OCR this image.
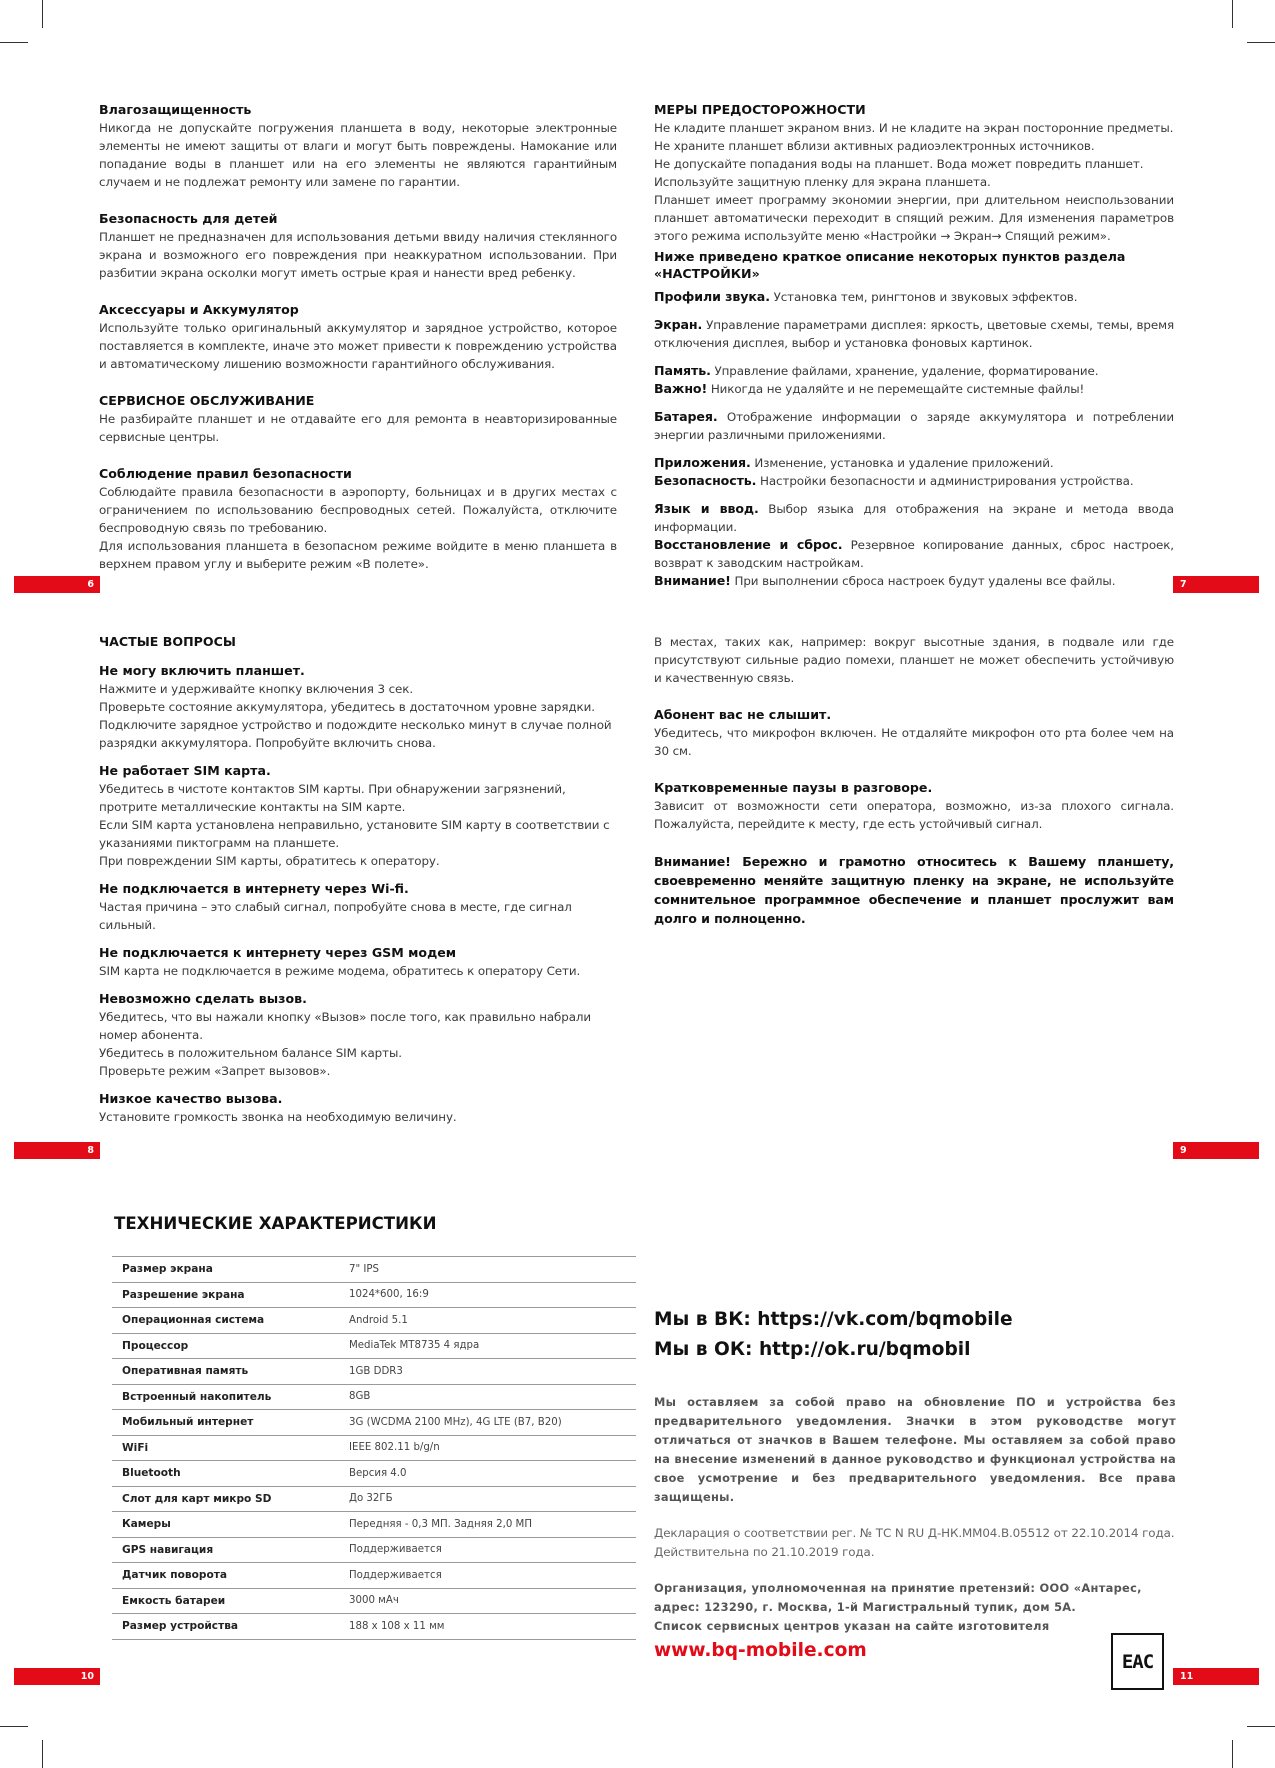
Влагозащищенность

Никогда не допускайте погружения планшета в воду, некоторые электронные элементы не имеют защиты от влаги и могут быть повреждены. Намокание или попадание воды в планшет или на его элементы не являются гарантийным случаем и не подлежат ремонту или замене по гарантии.

Безопасность для детей

Планшет не предназначен для использования детьми ввиду наличия стеклянного экрана и возможного его повреждения при неаккуратном использовании. При разбитии экрана осколки могут иметь острые края и нанести вред ребенку.

Аксессуары и Аккумулятор

Используйте только оригинальный аккумулятор и зарядное устройство, которое поставляется в комплекте, иначе это может привести к повреждению устройства и автоматическому лишению возможности гарантийного обслуживания.

СЕРВИСНОЕ ОБСЛУЖИВАНИЕ

Не разбирайте планшет и не отдавайте его для ремонта в неавторизированные сервисные центры.

Соблюдение правил безопасности

Соблюдайте правила безопасности в аэропорту, больницах и в других местах с ограничением по использованию беспроводных сетей. Пожалуйста, отключите беспроводную связь по требованию.

Для использования планшета в безопасном режиме войдите в меню планшета в верхнем правом углу и выберите режим «В полете».

6
МЕРЫ ПРЕДОСТОРОЖНОСТИ

Не кладите планшет экраном вниз. И не кладите на экран посторонние предметы.

Не храните планшет вблизи активных радиоэлектронных источников.

Не допускайте попадания воды на планшет. Вода может повредить планшет.

Используйте защитную пленку для экрана планшета.

Планшет имеет программу экономии энергии, при длительном неиспользовании планшет автоматически переходит в спящий режим. Для изменения параметров этого режима используйте меню «Настройки → Экран→ Спящий режим».

Ниже приведено краткое описание некоторых пунктов раздела «НАСТРОЙКИ»

Профили звука. Установка тем, рингтонов и звуковых эффектов.

Экран. Управление параметрами дисплея: яркость, цветовые схемы, темы, время отключения дисплея, выбор и установка фоновых картинок.

Память. Управление файлами, хранение, удаление, форматирование.

Важно! Никогда не удаляйте и не перемещайте системные файлы!

Батарея. Отображение информации о заряде аккумулятора и потреблении энергии различными приложениями.

Приложения. Изменение, установка и удаление приложений.

Безопасность. Настройки безопасности и администрирования устройства.

Язык и ввод. Выбор языка для отображения на экране и метода ввода информации.

Восстановление и сброс. Резервное копирование данных, сброс настроек, возврат к заводским настройкам.

Внимание! При выполнении сброса настроек будут удалены все файлы.	7
ЧАСТЫЕ ВОПРОСЫ
Не могу включить планшет.

Нажмите и удерживайте кнопку включения 3 сек.

Проверьте состояние аккумулятора, убедитесь в достаточном уровне зарядки.

Подключите зарядное устройство и подождите несколько минут в случае полной разрядки аккумулятора. Попробуйте включить снова.

Не работает SIM карта.

Убедитесь в чистоте контактов SIM карты. При обнаружении загрязнений, протрите металлические контакты на SIM карте.

Если SIM карта установлена неправильно, установите SIM карту в соответствии с указаниями пиктограмм на планшете.

При повреждении SIM карты, обратитесь к оператору.

Не подключается в интернету через Wi-fi.

Частая причина – это слабый сигнал, попробуйте снова в месте, где сигнал сильный.

Не подключается к интернету через GSM модем

SIM карта не подключается в режиме модема, обратитесь к оператору Сети.

Невозможно сделать вызов.

Убедитесь, что вы нажали кнопку «Вызов» после того, как правильно набрали номер абонента.

Убедитесь в положительном балансе SIM карты.

Проверьте режим «Запрет вызовов».

Низкое качество вызова.

Установите громкость звонка на необходимую величину.

8

В местах, таких как, например: вокруг высотные здания, в подвале или где присутствуют сильные радио помехи, планшет не может обеспечить устойчивую и качественную связь.

Абонент вас не слышит.

Убедитесь, что микрофон включен. Не отдаляйте микрофон ото рта более чем на 30 см.

Кратковременные паузы в разговоре.

Зависит от возможности сети оператора, возможно, из-за плохого сигнала. Пожалуйста, перейдите к месту, где есть устойчивый сигнал.

Внимание! Бережно и грамотно относитесь к Вашему планшету, своевременно меняйте защитную пленку на экране, не используйте сомнительное программное обеспечение и планшет прослужит вам долго и полноценно.

9
ТЕХНИЧЕСКИЕ ХАРАКТЕРИСТИКИ
Размер экрана	7" IPS
Разрешение экрана	1024*600, 16:9
Операционная система	Android 5.1
Процессор	MediaTek MT8735 4 ядра
Оперативная память	1GB DDR3
Встроенный накопитель	8GB
Мобильный интернет	3G (WCDMA 2100 MHz), 4G LTE (B7, B20)
WiFi	IEEE 802.11 b/g/n
Bluetooth	Версия 4.0
Слот для карт микро SD	До 32ГБ
Камеры	Передняя - 0,3 МП. Задняя 2,0 МП
GPS навигация	Поддерживается
Датчик поворота	Поддерживается
Емкость батареи	3000 мАч
Размер устройства	188 х 108 х 11 мм
10
Мы в ВК: https://vk.com/bqmobile
Мы в ОК: http://ok.ru/bqmobil

Мы оставляем за собой право на обновление ПО и устройства без предварительного уведомления. Значки в этом руководстве могут отличаться от значков в Вашем телефоне. Мы оставляем за собой право на внесение изменений в данное руководство и функционал устройства на свое усмотрение и без предварительного уведомления. Все права защищены.

Декларация о соответствии рег. № ТС N RU Д-НК.ММ04.В.05512 от 22.10.2014 года. Действительна по 21.10.2019 года.

Организация, уполномоченная на принятие претензий: ООО «Антарес, адрес: 123290, г. Москва, 1-й Магистральный тупик, дом 5А.

Список сервисных центров указан на сайте изготовителя

www.bq-mobile.com	EAC
11
